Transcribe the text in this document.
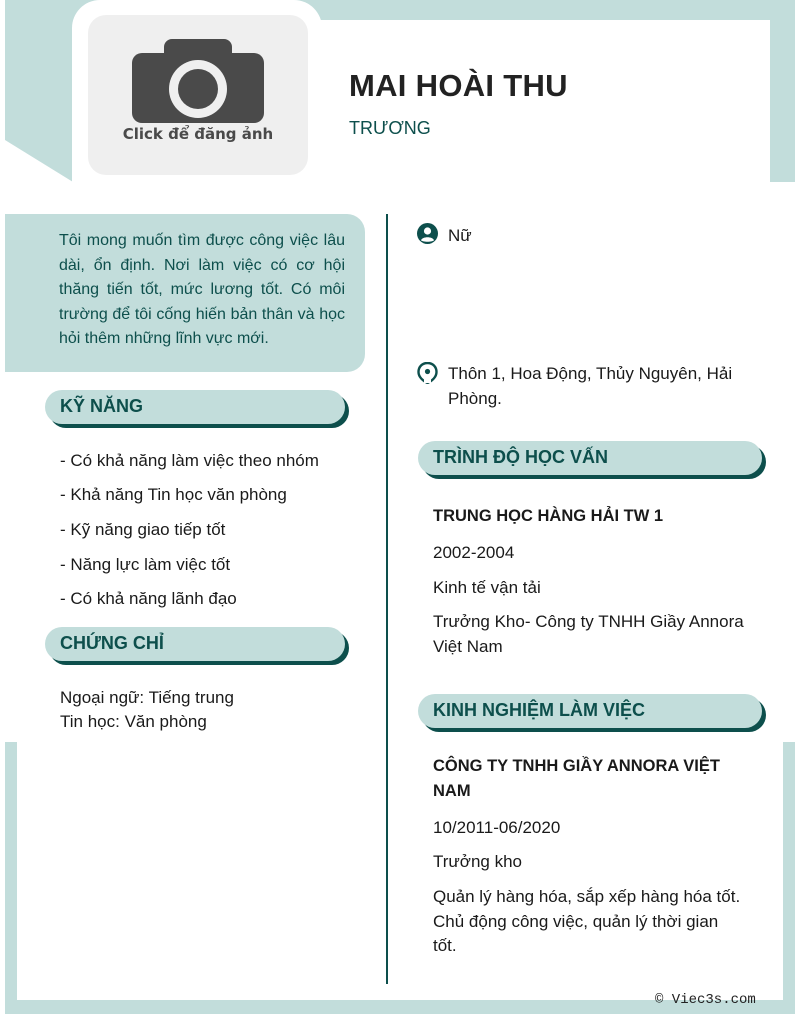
Click để đăng ảnh
MAI HOÀI THU
TRƯƠNG
Tôi mong muốn tìm được công việc lâu dài, ổn định. Nơi làm việc có cơ hội thăng tiến tốt, mức lương tốt. Có môi trường để tôi cống hiến bản thân và học hỏi thêm những lĩnh vực mới.
Nữ
Thôn 1, Hoa Động, Thủy Nguyên, Hải
Phòng.
KỸ NĂNG
- Có khả năng làm việc theo nhóm
- Khả năng Tin học văn phòng
- Kỹ năng giao tiếp tốt
- Năng lực làm việc tốt
- Có khả năng lãnh đạo
CHỨNG CHỈ
Ngoại ngữ: Tiếng trung
Tin học: Văn phòng
TRÌNH ĐỘ HỌC VẤN
TRUNG HỌC HÀNG HẢI TW 1
2002-2004
Kinh tế vận tải
Trưởng Kho- Công ty TNHH Giầy Annora
Việt Nam
KINH NGHIỆM LÀM VIỆC
CÔNG TY TNHH GIẦY ANNORA VIỆT
NAM
10/2011-06/2020
Trưởng kho
Quản lý hàng hóa, sắp xếp hàng hóa tốt.
Chủ động công việc, quản lý thời gian
tốt.
© Viec3s.com
